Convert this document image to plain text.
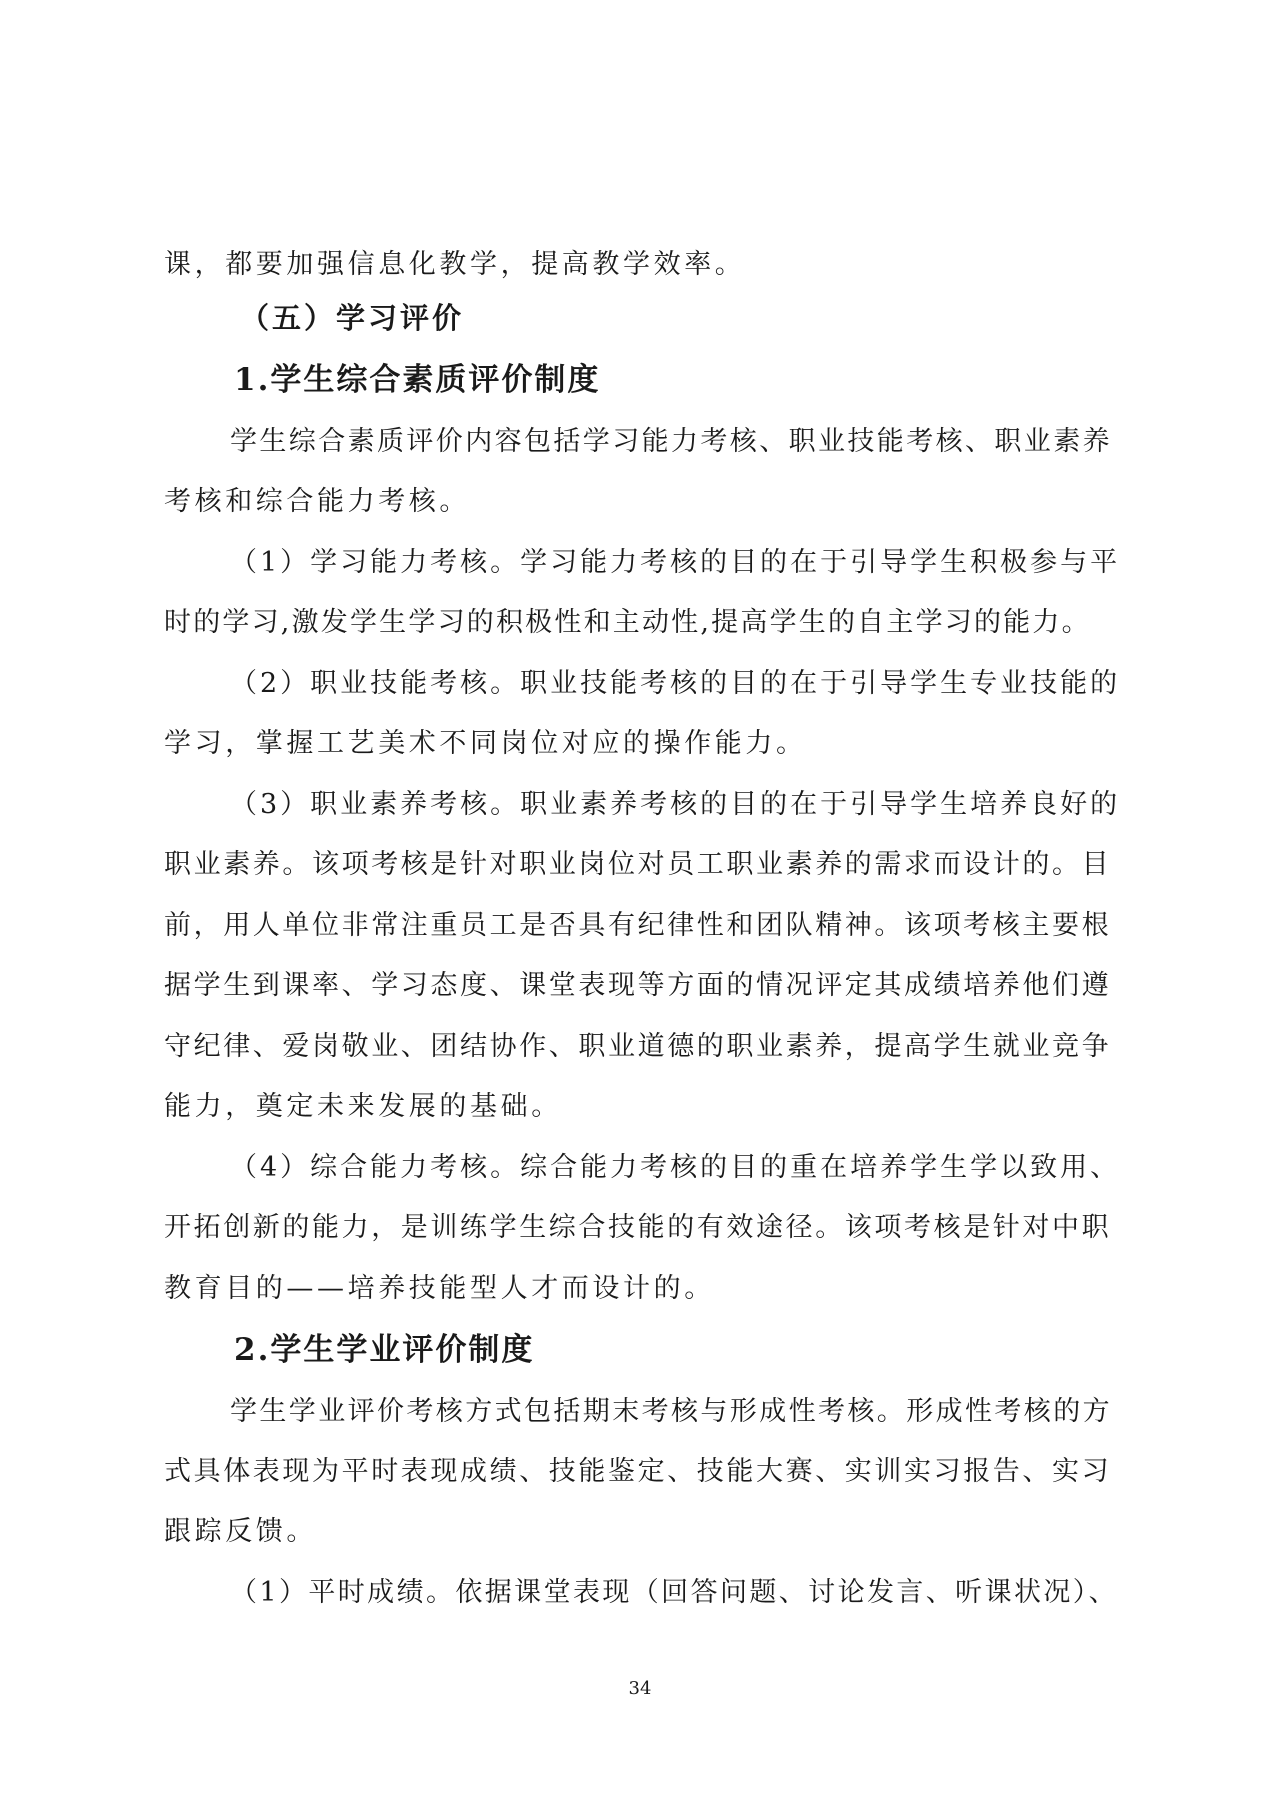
课，都要加强信息化教学，提高教学效率。
（五）学习评价
1.学生综合素质评价制度
学生综合素质评价内容包括学习能力考核、职业技能考核、职业素养
考核和综合能力考核。
（1）学习能力考核。学习能力考核的目的在于引导学生积极参与平
时的学习,激发学生学习的积极性和主动性,提高学生的自主学习的能力。
（2）职业技能考核。职业技能考核的目的在于引导学生专业技能的
学习，掌握工艺美术不同岗位对应的操作能力。
（3）职业素养考核。职业素养考核的目的在于引导学生培养良好的
职业素养。该项考核是针对职业岗位对员工职业素养的需求而设计的。目
前，用人单位非常注重员工是否具有纪律性和团队精神。该项考核主要根
据学生到课率、学习态度、课堂表现等方面的情况评定其成绩培养他们遵
守纪律、爱岗敬业、团结协作、职业道德的职业素养，提高学生就业竞争
能力，奠定未来发展的基础。
（4）综合能力考核。综合能力考核的目的重在培养学生学以致用、
开拓创新的能力，是训练学生综合技能的有效途径。该项考核是针对中职
教育目的——培养技能型人才而设计的。
2.学生学业评价制度
学生学业评价考核方式包括期末考核与形成性考核。形成性考核的方
式具体表现为平时表现成绩、技能鉴定、技能大赛、实训实习报告、实习
跟踪反馈。
（1）平时成绩。依据课堂表现（回答问题、讨论发言、听课状况）、
34
